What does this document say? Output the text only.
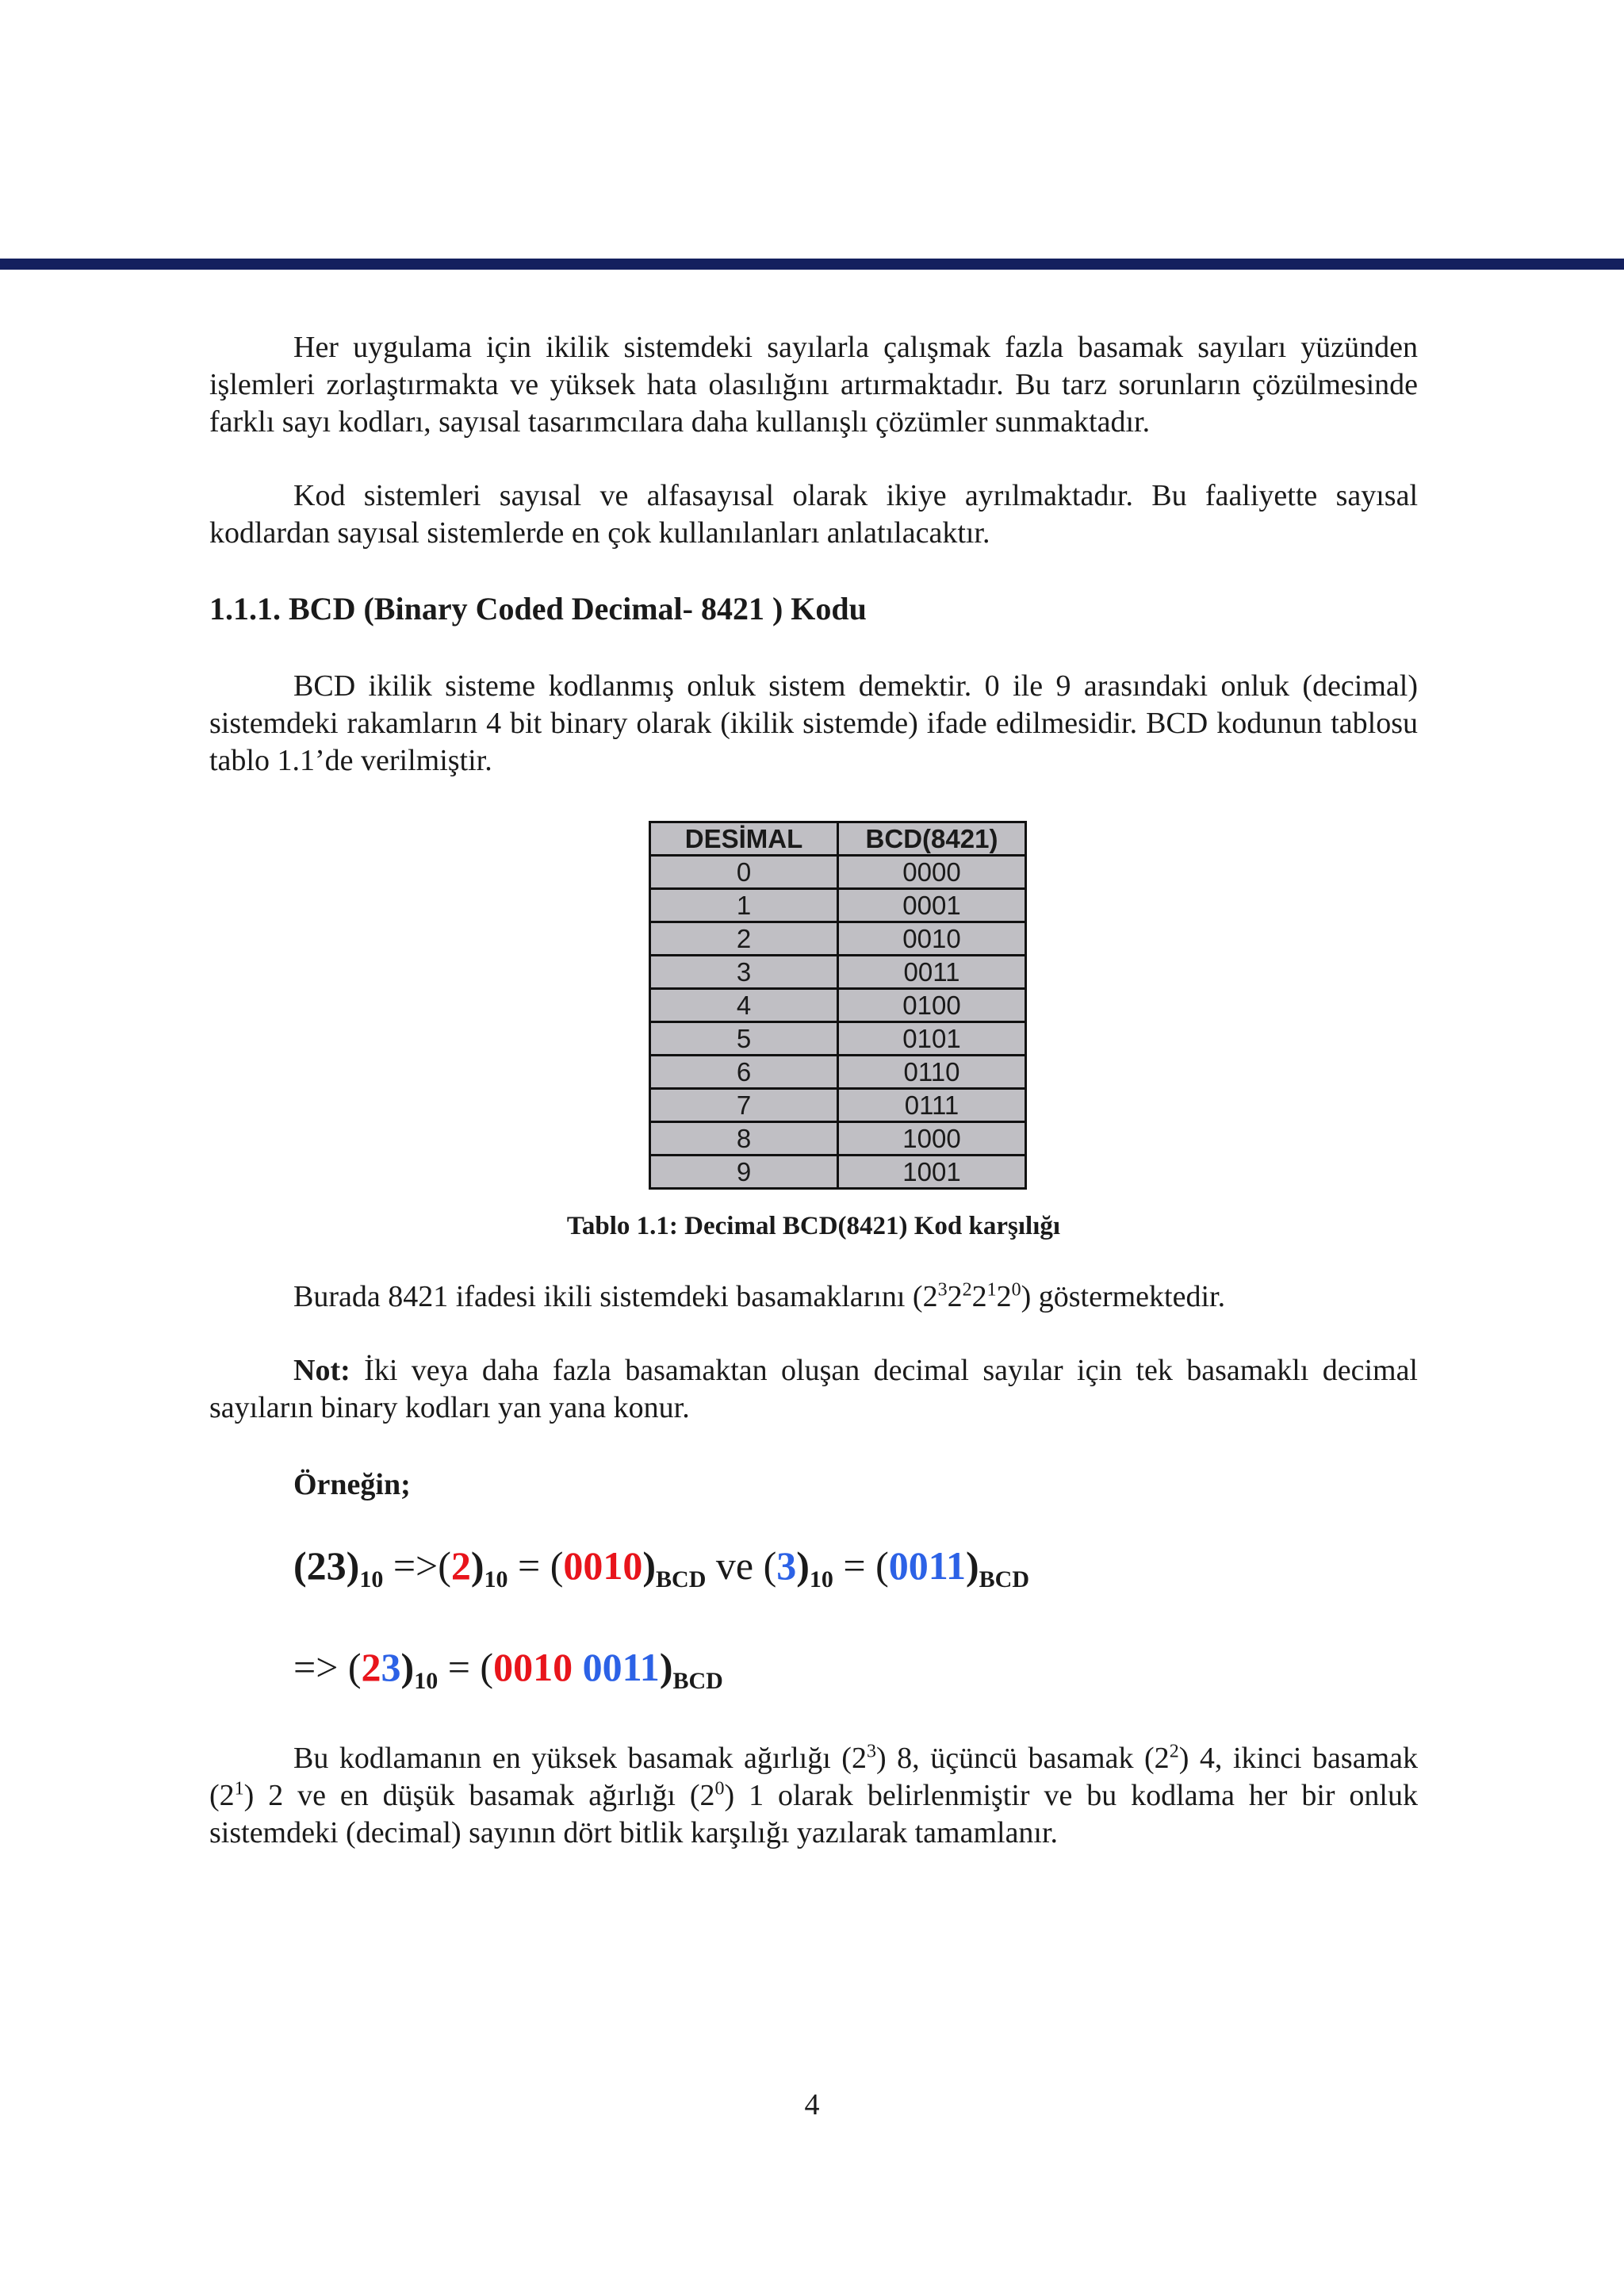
Her uygulama için ikilik sistemdeki sayılarla çalışmak fazla basamak sayıları yüzünden işlemleri zorlaştırmakta ve yüksek hata olasılığını artırmaktadır. Bu tarz sorunların çözülmesinde farklı sayı kodları, sayısal tasarımcılara daha kullanışlı çözümler sunmaktadır.

Kod sistemleri sayısal ve alfasayısal olarak ikiye ayrılmaktadır. Bu faaliyette sayısal kodlardan sayısal sistemlerde en çok kullanılanları anlatılacaktır.

1.1.1. BCD (Binary Coded Decimal- 8421 ) Kodu

BCD ikilik sisteme kodlanmış onluk sistem demektir. 0 ile 9 arasındaki onluk (decimal) sistemdeki rakamların 4 bit binary olarak (ikilik sistemde) ifade edilmesidir. BCD kodunun tablosu tablo 1.1’de verilmiştir.

DESİMAL	BCD(8421)
0	0000
1	0001
2	0010
3	0011
4	0100
5	0101
6	0110
7	0111
8	1000
9	1001

Tablo 1.1: Decimal BCD(8421) Kod karşılığı

Burada 8421 ifadesi ikili sistemdeki basamaklarını $(2^32^22^12^0)$ göstermektedir.

Not: İki veya daha fazla basamaktan oluşan decimal sayılar için tek basamaklı decimal sayıların binary kodları yan yana konur.

Örneğin;

$(23)_{10} =>(2)_{10} = (0010)_{BCD}$ ve $(3)_{10} = (0011)_{BCD}$
=> $(23)_{10} = (0010$ $0011)_{BCD}$

Bu kodlamanın en yüksek basamak ağırlığı $(2^3)$ 8, üçüncü basamak $(2^2)$ 4, ikinci basamak $(2^1)$ 2 ve en düşük basamak ağırlığı $(2^0)$ 1 olarak belirlenmiştir ve bu kodlama her bir onluk sistemdeki (decimal) sayının dört bitlik karşılığı yazılarak tamamlanır.

4
